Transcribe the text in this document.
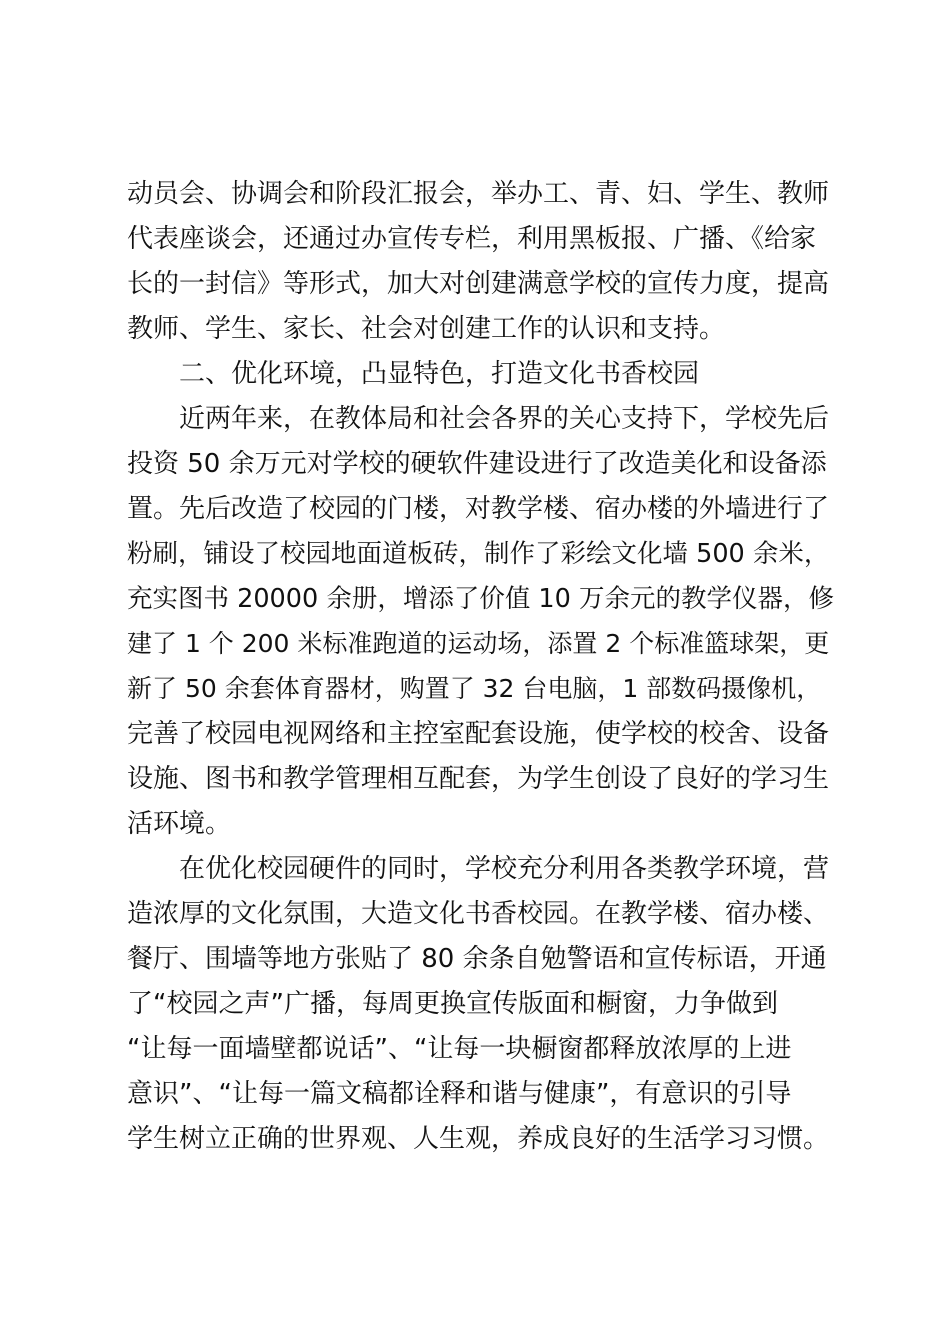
动员会、协调会和阶段汇报会，举办工、青、妇、学生、教师
代表座谈会，还通过办宣传专栏，利用黑板报、广播、《给家
长的一封信》等形式，加大对创建满意学校的宣传力度，提高
教师、学生、家长、社会对创建工作的认识和支持。
二、优化环境，凸显特色，打造文化书香校园
近两年来，在教体局和社会各界的关心支持下，学校先后
投资 50 余万元对学校的硬软件建设进行了改造美化和设备添
置。先后改造了校园的门楼，对教学楼、宿办楼的外墙进行了
粉刷，铺设了校园地面道板砖，制作了彩绘文化墙 500 余米，
充实图书 20000 余册，增添了价值 10 万余元的教学仪器，修
建了 1 个 200 米标准跑道的运动场，添置 2 个标准篮球架，更
新了 50 余套体育器材，购置了 32 台电脑，1 部数码摄像机，
完善了校园电视网络和主控室配套设施，使学校的校舍、设备
设施、图书和教学管理相互配套，为学生创设了良好的学习生
活环境。
在优化校园硬件的同时，学校充分利用各类教学环境，营
造浓厚的文化氛围，大造文化书香校园。在教学楼、宿办楼、
餐厅、围墙等地方张贴了 80 余条自勉警语和宣传标语，开通
了“校园之声”广播，每周更换宣传版面和橱窗，力争做到
“让每一面墙壁都说话”、“让每一块橱窗都释放浓厚的上进
意识”、“让每一篇文稿都诠释和谐与健康”，有意识的引导
学生树立正确的世界观、人生观，养成良好的生活学习习惯。
